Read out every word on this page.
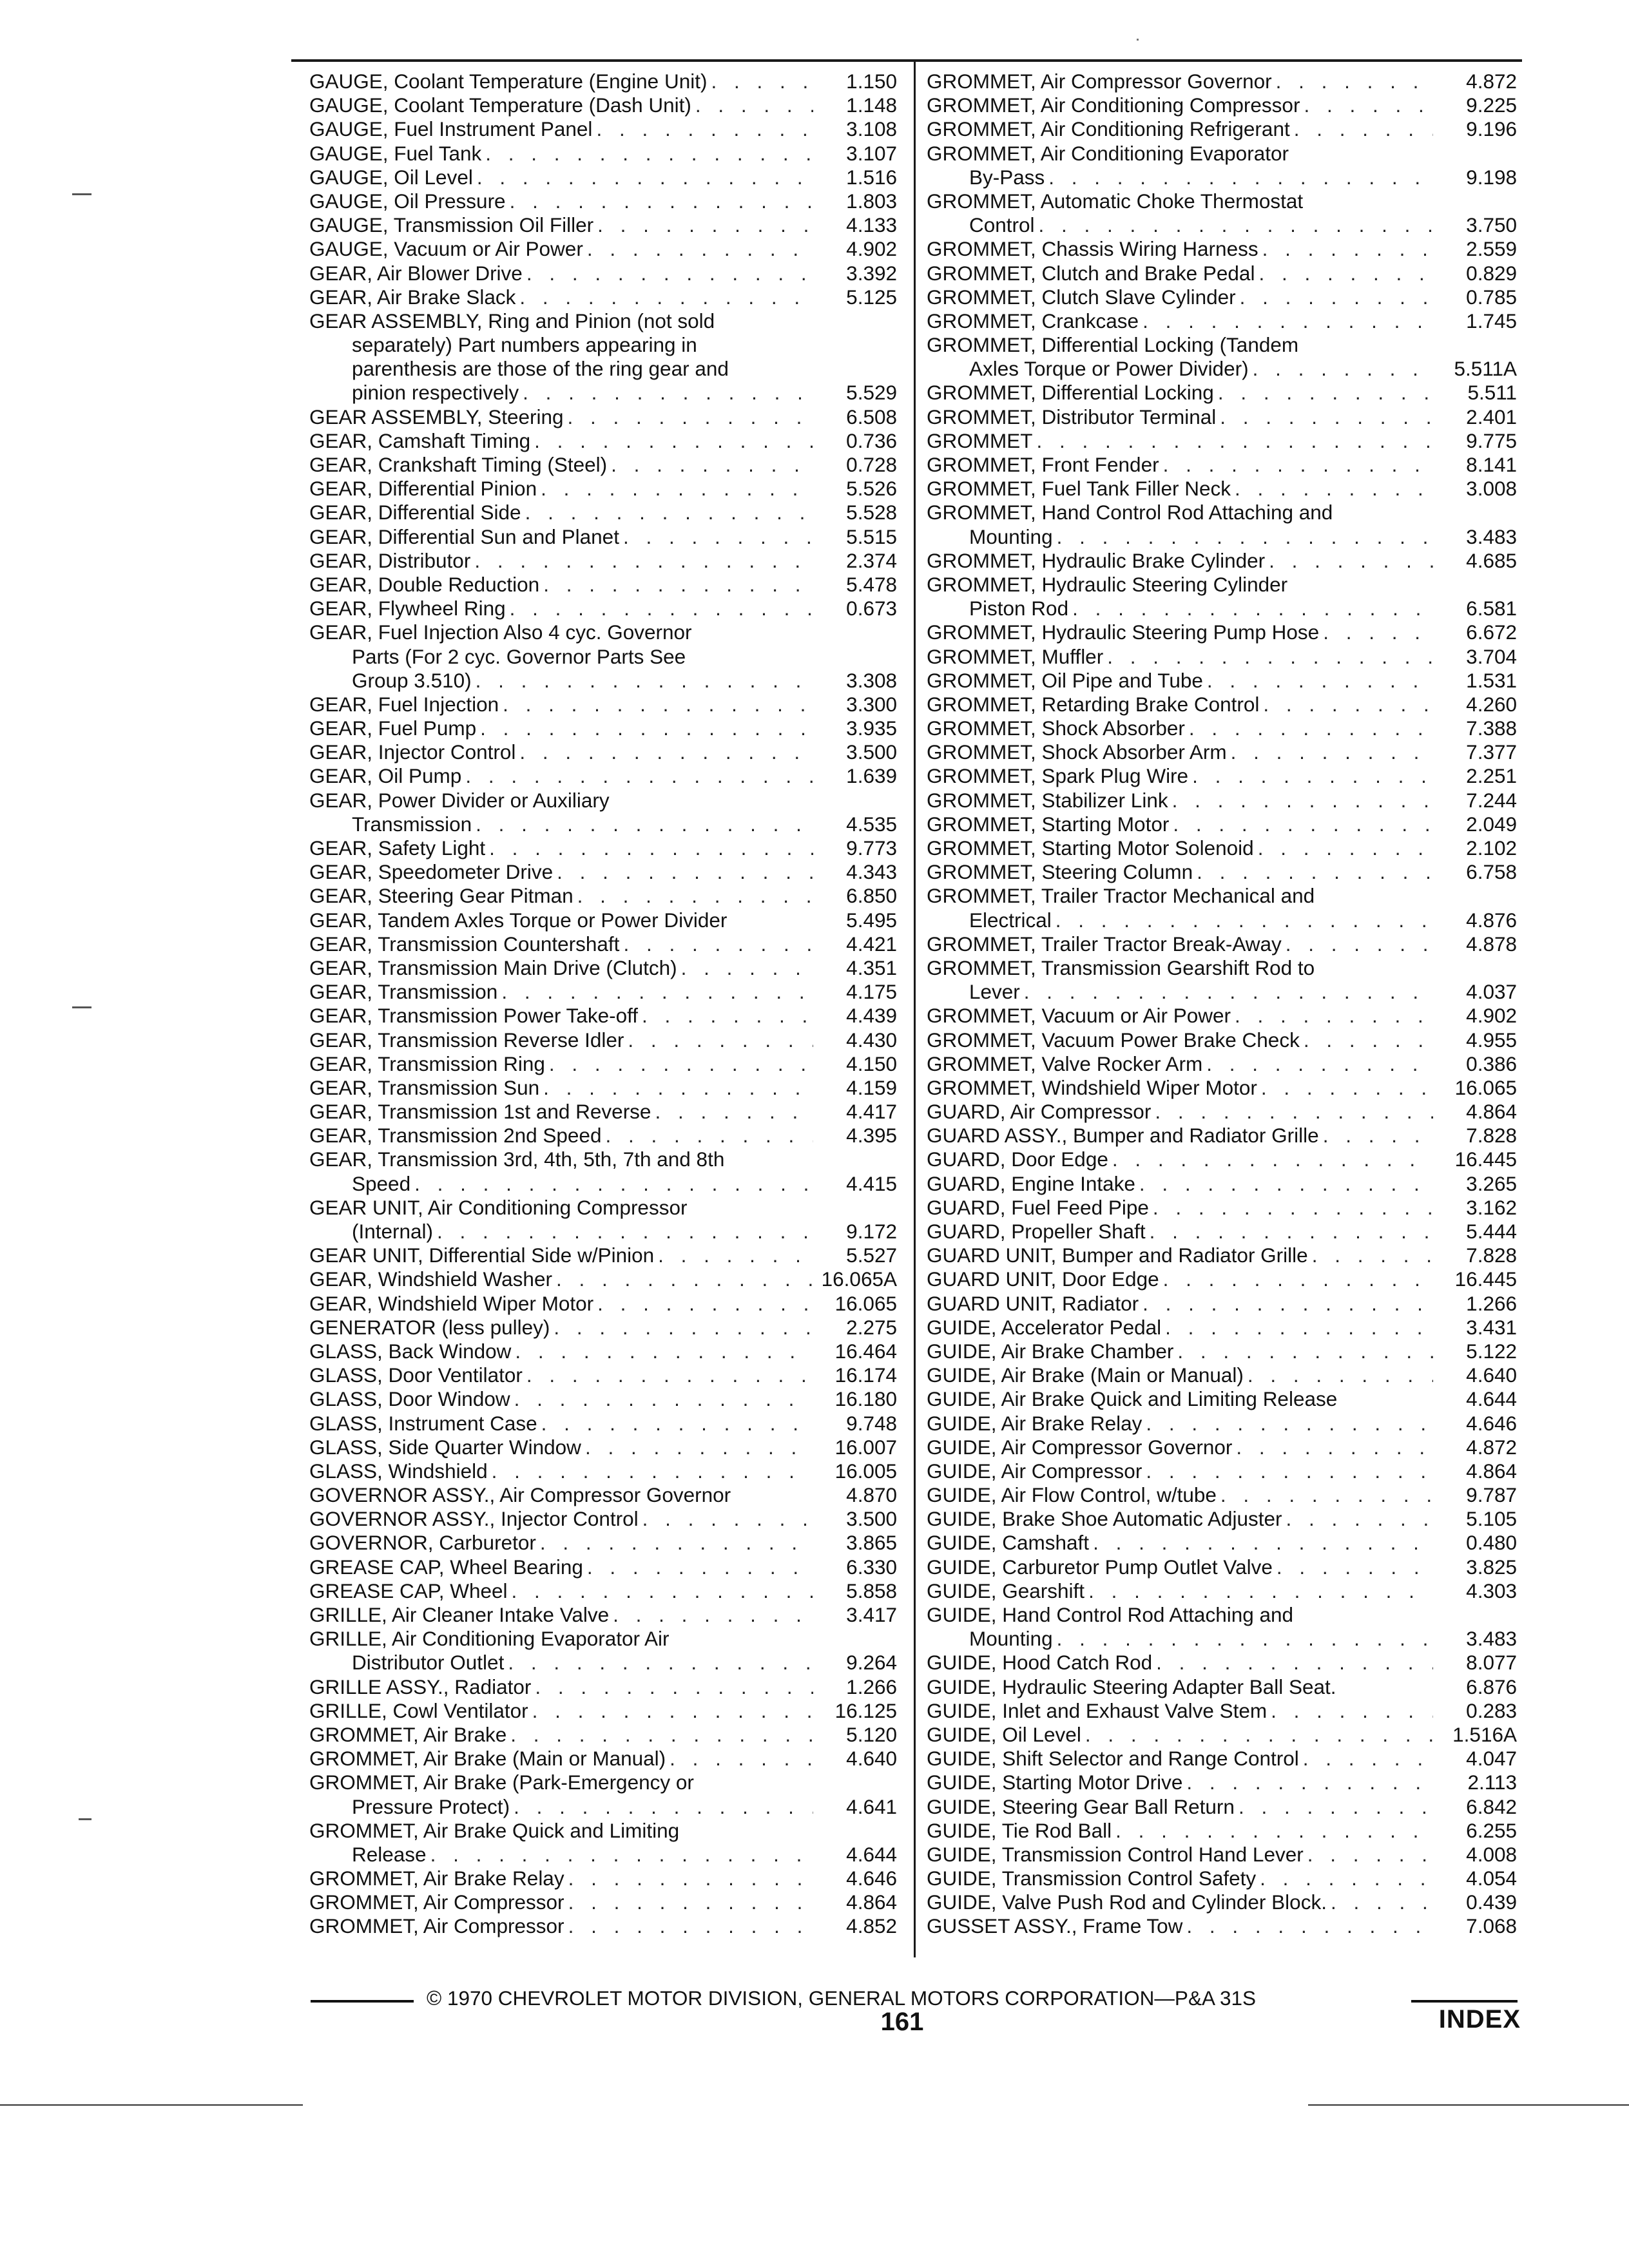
GAUGE, Coolant Temperature (Engine Unit) . . .	1.150
GAUGE, Coolant Temperature (Dash Unit) . . .	1.148
GAUGE, Fuel Instrument Panel . . .	3.108
GAUGE, Fuel Tank . . .	3.107
GAUGE, Oil Level . . .	1.516
GAUGE, Oil Pressure . . .	1.803
GAUGE, Transmission Oil Filler . . .	4.133
GAUGE, Vacuum or Air Power . . .	4.902
GEAR, Air Blower Drive . . .	3.392
GEAR, Air Brake Slack . . .	5.125
GEAR ASSEMBLY, Ring and Pinion (not sold
separately) Part numbers appearing in
parenthesis are those of the ring gear and
pinion respectively . . .	5.529
GEAR ASSEMBLY, Steering . . .	6.508
GEAR, Camshaft Timing . . .	0.736
GEAR, Crankshaft Timing (Steel) . . .	0.728
GEAR, Differential Pinion . . .	5.526
GEAR, Differential Side . . .	5.528
GEAR, Differential Sun and Planet . . .	5.515
GEAR, Distributor . . .	2.374
GEAR, Double Reduction . . .	5.478
GEAR, Flywheel Ring . . .	0.673
GEAR, Fuel Injection Also 4 cyc. Governor
Parts (For 2 cyc. Governor Parts See
Group 3.510) . . .	3.308
GEAR, Fuel Injection . . .	3.300
GEAR, Fuel Pump . . .	3.935
GEAR, Injector Control . . .	3.500
GEAR, Oil Pump . . .	1.639
GEAR, Power Divider or Auxiliary
Transmission . . .	4.535
GEAR, Safety Light . . .	9.773
GEAR, Speedometer Drive . . .	4.343
GEAR, Steering Gear Pitman . . .	6.850
GEAR, Tandem Axles Torque or Power Divider	5.495
GEAR, Transmission Countershaft . . .	4.421
GEAR, Transmission Main Drive (Clutch) . . .	4.351
GEAR, Transmission . . .	4.175
GEAR, Transmission Power Take-off . . .	4.439
GEAR, Transmission Reverse Idler . . .	4.430
GEAR, Transmission Ring . . .	4.150
GEAR, Transmission Sun . . .	4.159
GEAR, Transmission 1st and Reverse . . .	4.417
GEAR, Transmission 2nd Speed . . .	4.395
GEAR, Transmission 3rd, 4th, 5th, 7th and 8th
Speed . . .	4.415
GEAR UNIT, Air Conditioning Compressor
(Internal) . . .	9.172
GEAR UNIT, Differential Side w/Pinion . . .	5.527
GEAR, Windshield Washer . . .	16.065A
GEAR, Windshield Wiper Motor . . .	16.065
GENERATOR (less pulley) . . .	2.275
GLASS, Back Window . . .	16.464
GLASS, Door Ventilator . . .	16.174
GLASS, Door Window . . .	16.180
GLASS, Instrument Case . . .	9.748
GLASS, Side Quarter Window . . .	16.007
GLASS, Windshield . . .	16.005
GOVERNOR ASSY., Air Compressor Governor	4.870
GOVERNOR ASSY., Injector Control . . .	3.500
GOVERNOR, Carburetor . . .	3.865
GREASE CAP, Wheel Bearing . . .	6.330
GREASE CAP, Wheel . . .	5.858
GRILLE, Air Cleaner Intake Valve . . .	3.417
GRILLE, Air Conditioning Evaporator Air
Distributor Outlet . . .	9.264
GRILLE ASSY., Radiator . . .	1.266
GRILLE, Cowl Ventilator . . .	16.125
GROMMET, Air Brake . . .	5.120
GROMMET, Air Brake (Main or Manual) . . .	4.640
GROMMET, Air Brake (Park-Emergency or
Pressure Protect) . . .	4.641
GROMMET, Air Brake Quick and Limiting
Release . . .	4.644
GROMMET, Air Brake Relay . . .	4.646
GROMMET, Air Compressor . . .	4.864
GROMMET, Air Compressor . . .	4.852
GROMMET, Air Compressor Governor . . .	4.872
GROMMET, Air Conditioning Compressor . . .	9.225
GROMMET, Air Conditioning Refrigerant . . .	9.196
GROMMET, Air Conditioning Evaporator
By-Pass . . .	9.198
GROMMET, Automatic Choke Thermostat
Control . . .	3.750
GROMMET, Chassis Wiring Harness . . .	2.559
GROMMET, Clutch and Brake Pedal . . .	0.829
GROMMET, Clutch Slave Cylinder . . .	0.785
GROMMET, Crankcase . . .	1.745
GROMMET, Differential Locking (Tandem
Axles Torque or Power Divider) . . .	5.511A
GROMMET, Differential Locking . . .	5.511
GROMMET, Distributor Terminal . . .	2.401
GROMMET . . .	9.775
GROMMET, Front Fender . . .	8.141
GROMMET, Fuel Tank Filler Neck . . .	3.008
GROMMET, Hand Control Rod Attaching and
Mounting . . .	3.483
GROMMET, Hydraulic Brake Cylinder . . .	4.685
GROMMET, Hydraulic Steering Cylinder
Piston Rod . . .	6.581
GROMMET, Hydraulic Steering Pump Hose . . .	6.672
GROMMET, Muffler . . .	3.704
GROMMET, Oil Pipe and Tube . . .	1.531
GROMMET, Retarding Brake Control . . .	4.260
GROMMET, Shock Absorber . . .	7.388
GROMMET, Shock Absorber Arm . . .	7.377
GROMMET, Spark Plug Wire . . .	2.251
GROMMET, Stabilizer Link . . .	7.244
GROMMET, Starting Motor . . .	2.049
GROMMET, Starting Motor Solenoid . . .	2.102
GROMMET, Steering Column . . .	6.758
GROMMET, Trailer Tractor Mechanical and
Electrical . . .	4.876
GROMMET, Trailer Tractor Break-Away . . .	4.878
GROMMET, Transmission Gearshift Rod to
Lever . . .	4.037
GROMMET, Vacuum or Air Power . . .	4.902
GROMMET, Vacuum Power Brake Check . . .	4.955
GROMMET, Valve Rocker Arm . . .	0.386
GROMMET, Windshield Wiper Motor . . .	16.065
GUARD, Air Compressor . . .	4.864
GUARD ASSY., Bumper and Radiator Grille . . .	7.828
GUARD, Door Edge . . .	16.445
GUARD, Engine Intake . . .	3.265
GUARD, Fuel Feed Pipe . . .	3.162
GUARD, Propeller Shaft . . .	5.444
GUARD UNIT, Bumper and Radiator Grille . . .	7.828
GUARD UNIT, Door Edge . . .	16.445
GUARD UNIT, Radiator . . .	1.266
GUIDE, Accelerator Pedal . . .	3.431
GUIDE, Air Brake Chamber . . .	5.122
GUIDE, Air Brake (Main or Manual) . . .	4.640
GUIDE, Air Brake Quick and Limiting Release	4.644
GUIDE, Air Brake Relay . . .	4.646
GUIDE, Air Compressor Governor . . .	4.872
GUIDE, Air Compressor . . .	4.864
GUIDE, Air Flow Control, w/tube . . .	9.787
GUIDE, Brake Shoe Automatic Adjuster . . .	5.105
GUIDE, Camshaft . . .	0.480
GUIDE, Carburetor Pump Outlet Valve . . .	3.825
GUIDE, Gearshift . . .	4.303
GUIDE, Hand Control Rod Attaching and
Mounting . . .	3.483
GUIDE, Hood Catch Rod . . .	8.077
GUIDE, Hydraulic Steering Adapter Ball Seat.	6.876
GUIDE, Inlet and Exhaust Valve Stem . . .	0.283
GUIDE, Oil Level . . .	1.516A
GUIDE, Shift Selector and Range Control . . .	4.047
GUIDE, Starting Motor Drive . . .	2.113
GUIDE, Steering Gear Ball Return . . .	6.842
GUIDE, Tie Rod Ball . . .	6.255
GUIDE, Transmission Control Hand Lever . . .	4.008
GUIDE, Transmission Control Safety . . .	4.054
GUIDE, Valve Push Rod and Cylinder Block. . . .	0.439
GUSSET ASSY., Frame Tow . . .	7.068
© 1970 CHEVROLET MOTOR DIVISION, GENERAL MOTORS CORPORATION—P&A 31S
161	INDEX
